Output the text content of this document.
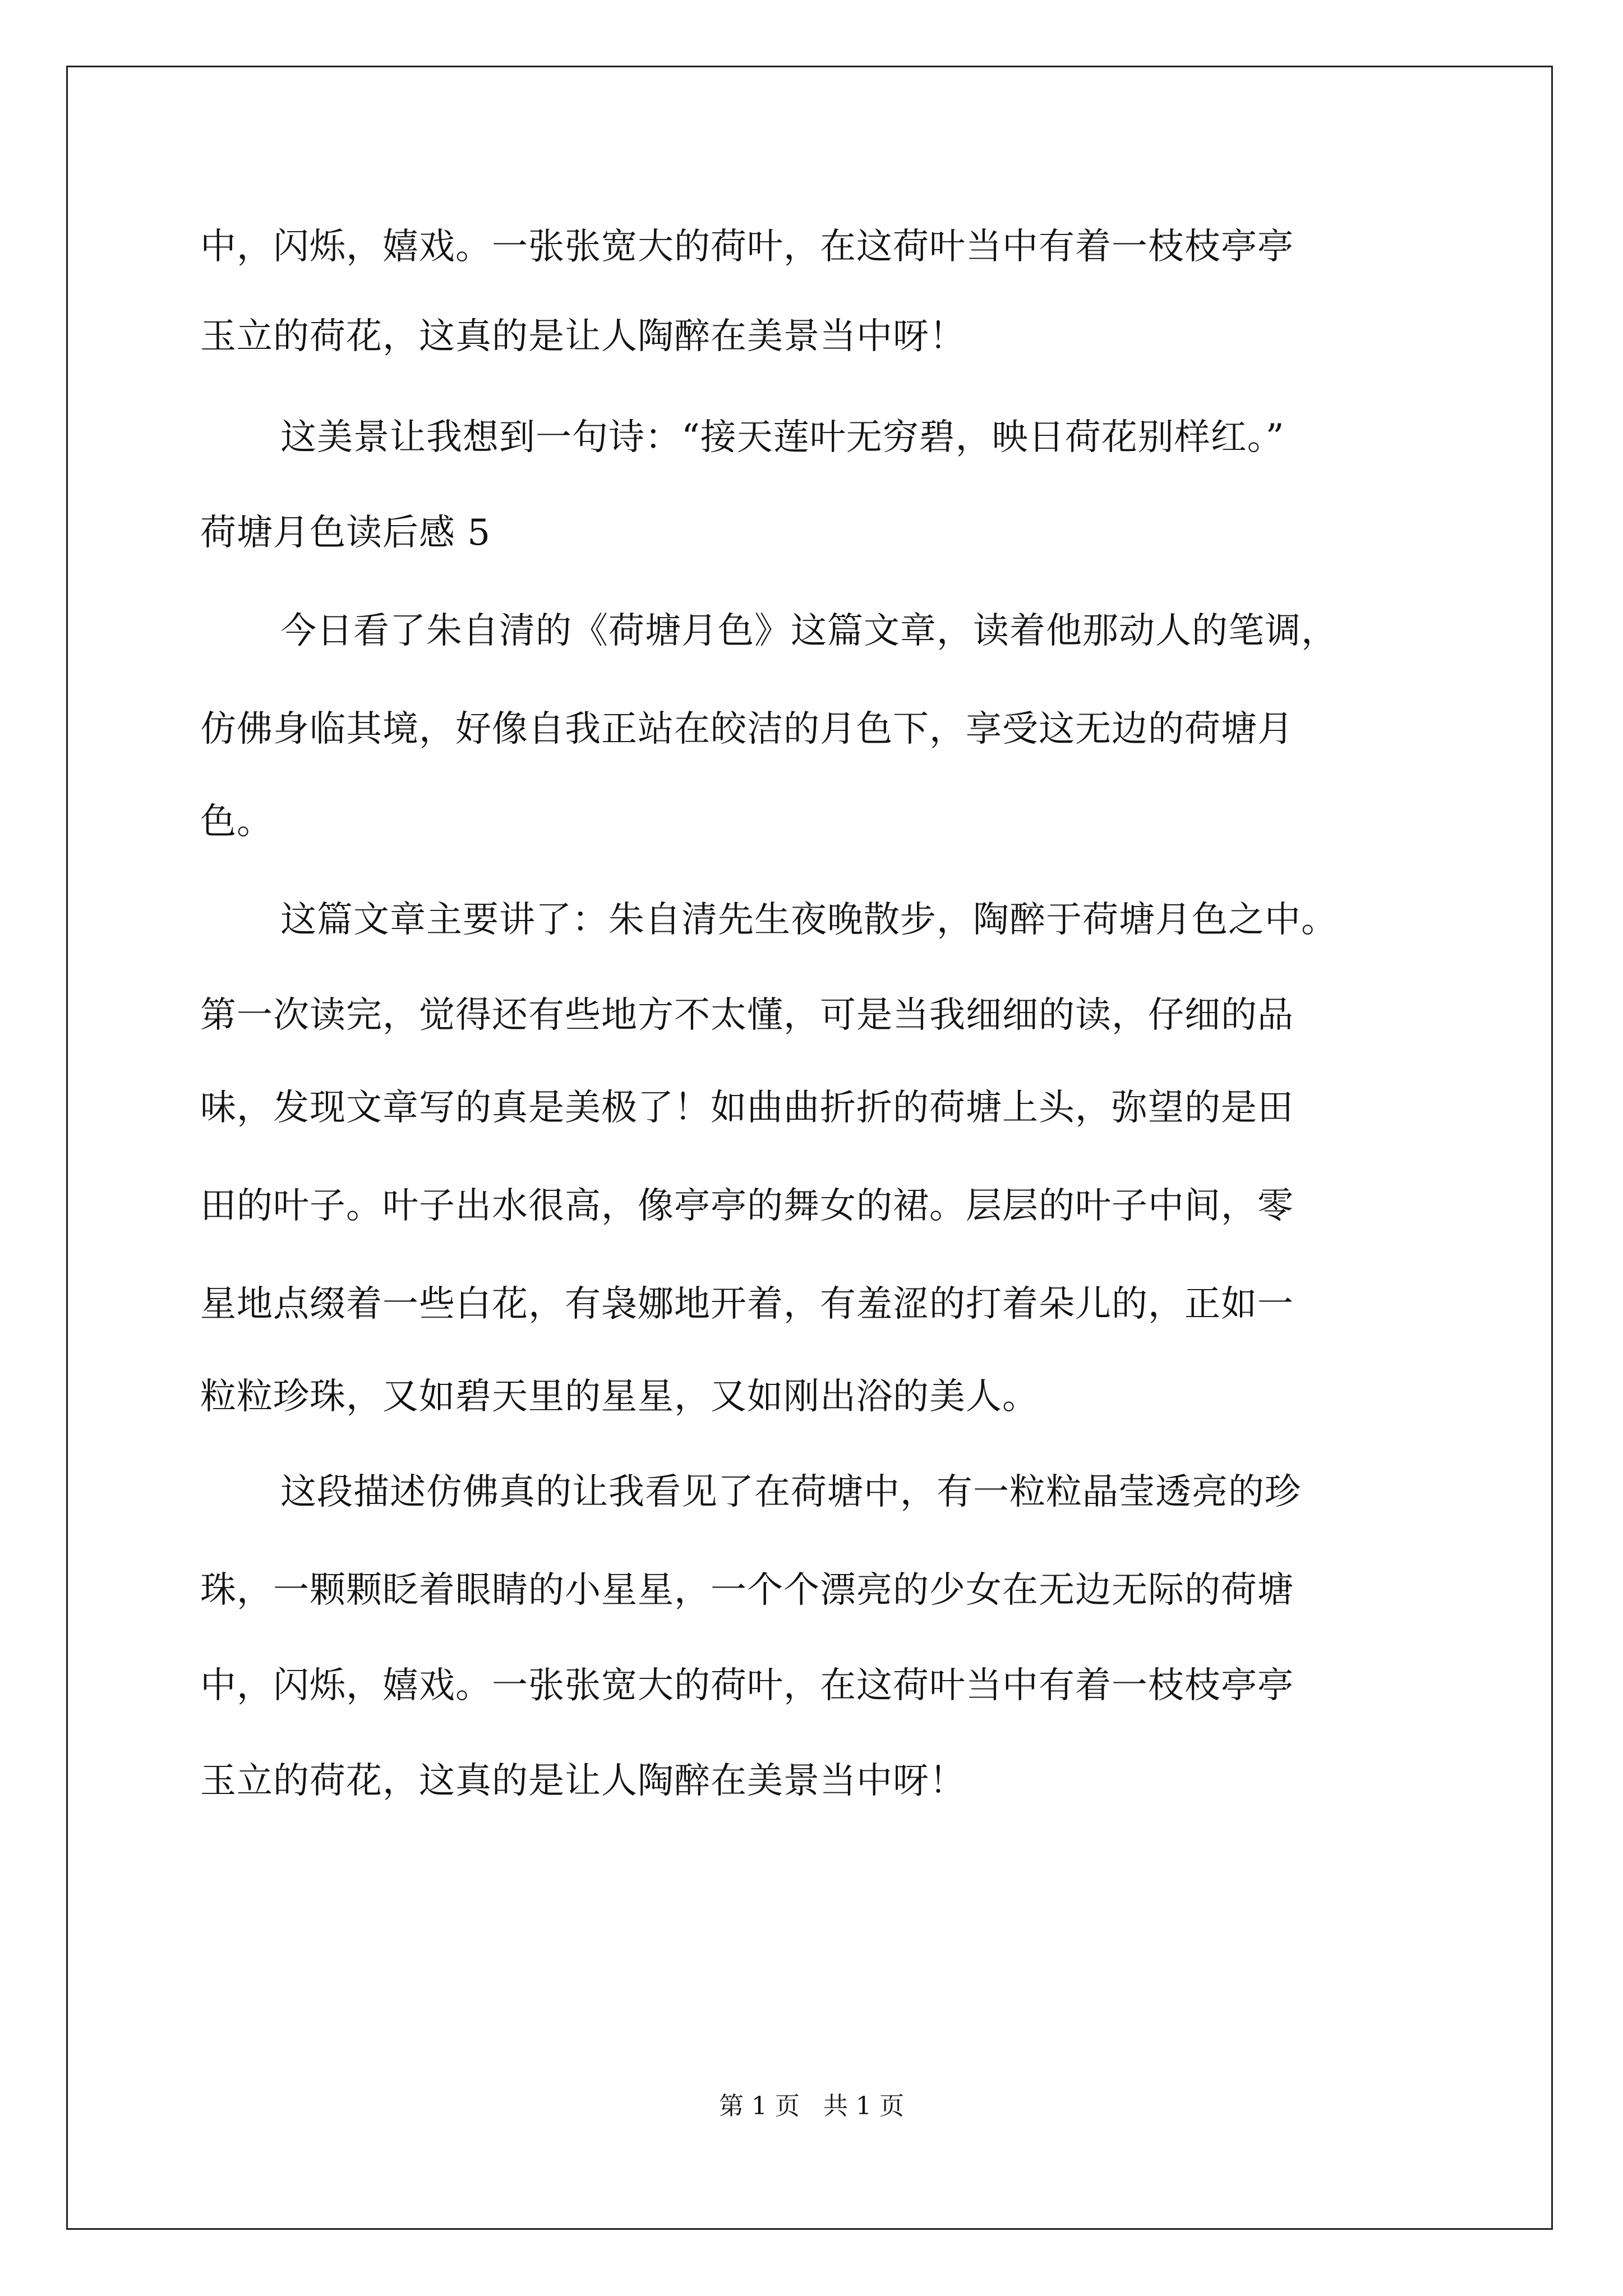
中，闪烁，嬉戏。一张张宽大的荷叶，在这荷叶当中有着一枝枝亭亭
玉立的荷花，这真的是让人陶醉在美景当中呀！
这美景让我想到一句诗：“接天莲叶无穷碧，映日荷花别样红。”
荷塘月色读后感 5
今日看了朱自清的《荷塘月色》这篇文章，读着他那动人的笔调，
仿佛身临其境，好像自我正站在皎洁的月色下，享受这无边的荷塘月
色。
这篇文章主要讲了：朱自清先生夜晚散步，陶醉于荷塘月色之中。
第一次读完，觉得还有些地方不太懂，可是当我细细的读，仔细的品
味，发现文章写的真是美极了！如曲曲折折的荷塘上头，弥望的是田
田的叶子。叶子出水很高，像亭亭的舞女的裙。层层的叶子中间，零
星地点缀着一些白花，有袅娜地开着，有羞涩的打着朵儿的，正如一
粒粒珍珠，又如碧天里的星星，又如刚出浴的美人。
这段描述仿佛真的让我看见了在荷塘中，有一粒粒晶莹透亮的珍
珠，一颗颗眨着眼睛的小星星，一个个漂亮的少女在无边无际的荷塘
中，闪烁，嬉戏。一张张宽大的荷叶，在这荷叶当中有着一枝枝亭亭
玉立的荷花，这真的是让人陶醉在美景当中呀！
第 1 页   共 1 页
